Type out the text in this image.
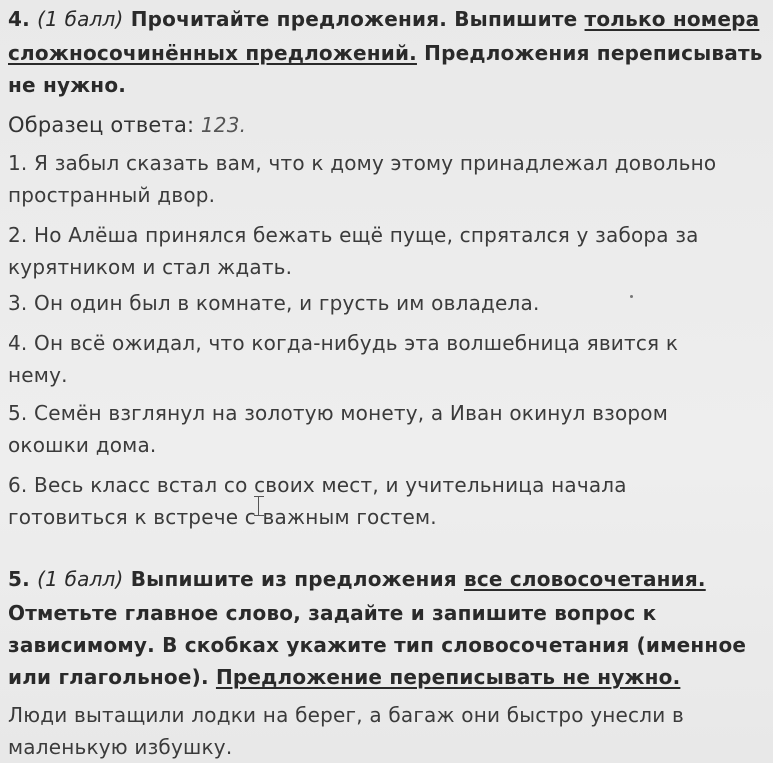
4. (1 балл) Прочитайте предложения. Выпишите только номера
сложносочинённых предложений. Предложения переписывать
не нужно.
Образец ответа: 123.
1. Я забыл сказать вам, что к дому этому принадлежал довольно
пространный двор.
2. Но Алёша принялся бежать ещё пуще, спрятался у забора за
курятником и стал ждать.
3. Он один был в комнате, и грусть им овладела.
4. Он всё ожидал, что когда-нибудь эта волшебница явится к
нему.
5. Семён взглянул на золотую монету, а Иван окинул взором
окошки дома.
6. Весь класс встал со своих мест, и учительница начала
готовиться к встрече с важным гостем.
5. (1 балл) Выпишите из предложения все словосочетания.
Отметьте главное слово, задайте и запишите вопрос к
зависимому. В скобках укажите тип словосочетания (именное
или глагольное). Предложение переписывать не нужно.
Люди вытащили лодки на берег, а багаж они быстро унесли в
маленькую избушку.
